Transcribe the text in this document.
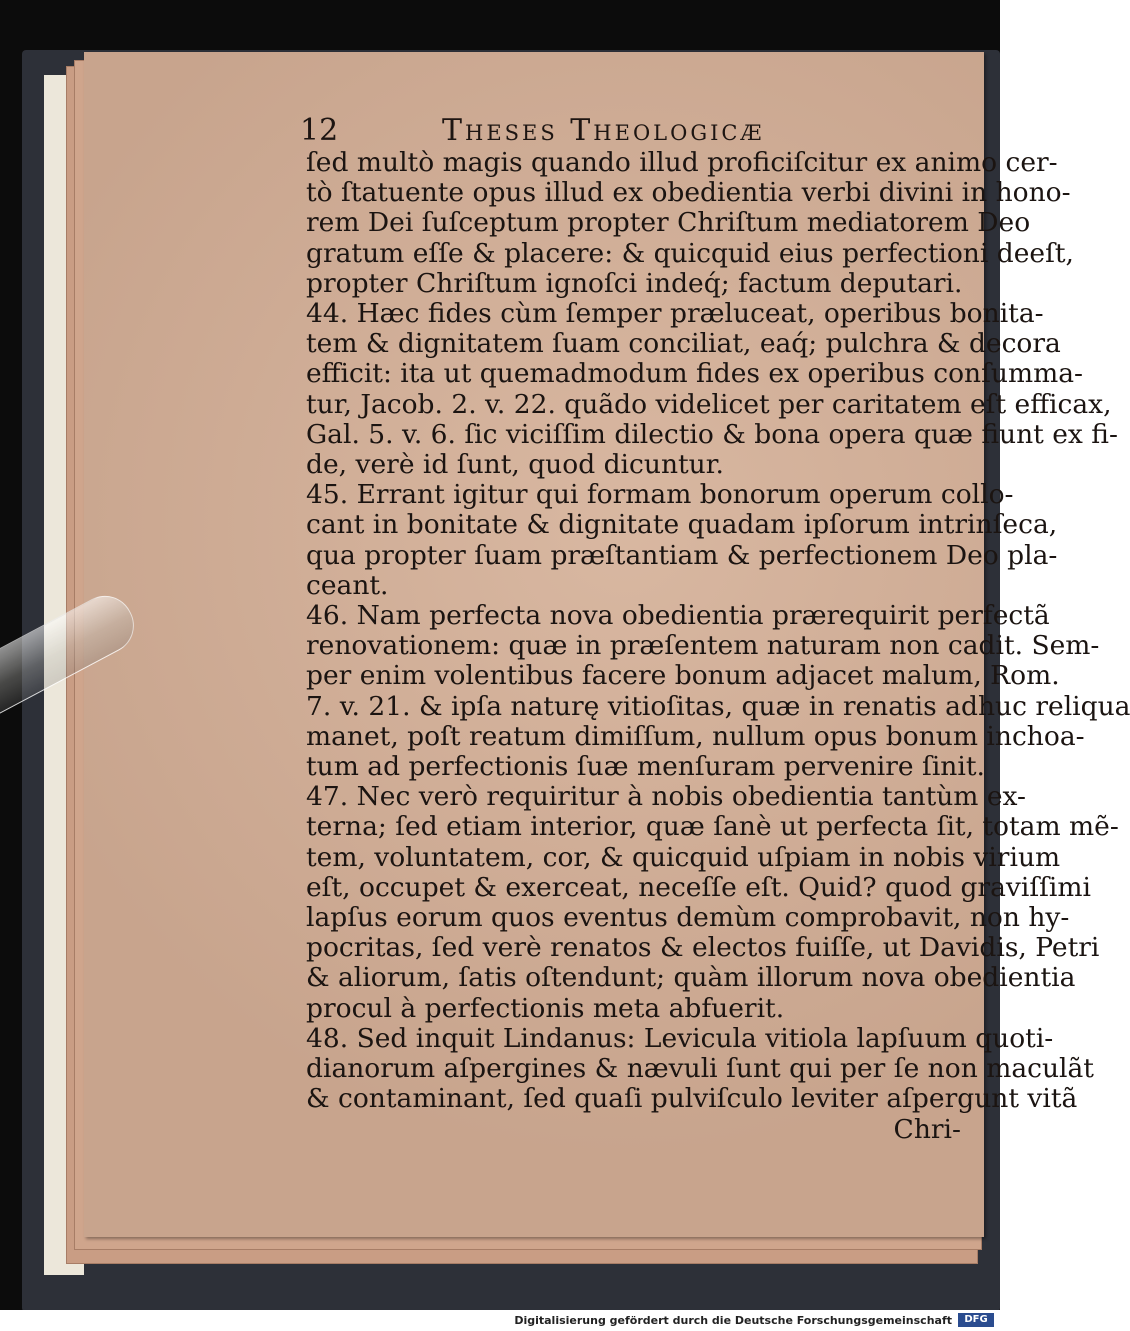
12	Theses Theologicæ
ſed multò magis quando illud proficiſcitur ex animo cer-
tò ſtatuente opus illud ex obedientia verbi divini in hono-
rem Dei ſuſceptum propter Chriſtum mediatorem Deo
gratum eſſe & placere: & quicquid eius perfectioni deeſt,
propter Chriſtum ignoſci indeq́; factum deputari.
44. Hæc fides cùm ſemper præluceat, operibus bonita-
tem & dignitatem ſuam conciliat, eaq́; pulchra & decora
efficit: ita ut quemadmodum fides ex operibus conſumma-
tur, Jacob. 2. v. 22. quãdo videlicet per caritatem eſt efficax,
Gal. 5. v. 6. ſic viciſſim dilectio & bona opera quæ fiunt ex fi-
de, verè id ſunt, quod dicuntur.
45. Errant igitur qui formam bonorum operum collo-
cant in bonitate & dignitate quadam ipſorum intrinſeca,
qua propter ſuam præſtantiam & perfectionem Deo pla-
ceant.
46. Nam perfecta nova obedientia prærequirit perfectã
renovationem: quæ in præſentem naturam non cadit. Sem-
per enim volentibus facere bonum adjacet malum, Rom.
7. v. 21. & ipſa naturę vitioſitas, quæ in renatis adhuc reliqua
manet, poſt reatum dimiſſum, nullum opus bonum inchoa-
tum ad perfectionis ſuæ menſuram pervenire ſinit.
47. Nec verò requiritur à nobis obedientia tantùm ex-
terna; ſed etiam interior, quæ ſanè ut perfecta ſit, totam mẽ-
tem, voluntatem, cor, & quicquid uſpiam in nobis virium
eſt, occupet & exerceat, neceſſe eſt. Quid? quod graviſſimi
lapſus eorum quos eventus demùm comprobavit, non hy-
pocritas, ſed verè renatos & electos fuiſſe, ut Davidis, Petri
& aliorum, ſatis oſtendunt; quàm illorum nova obedientia
procul à perfectionis meta abfuerit.
48. Sed inquit Lindanus: Levicula vitiola lapſuum quoti-
dianorum aſpergines & nævuli ſunt qui per ſe non maculãt
& contaminant, ſed quaſi pulviſculo leviter aſpergunt vitã
Chri-
Digitalisierung gefördert durch die Deutsche Forschungsgemeinschaft	DFG
